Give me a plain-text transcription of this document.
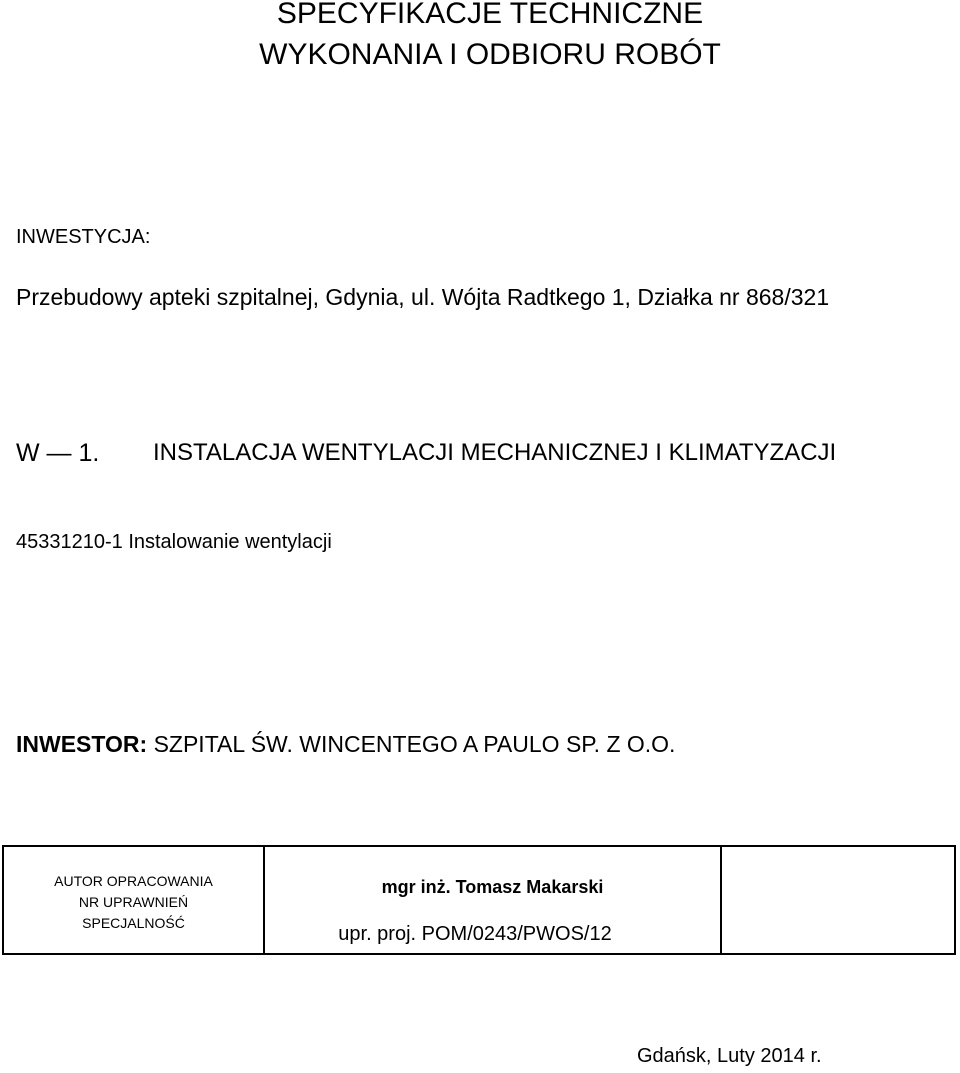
SPECYFIKACJE TECHNICZNE
WYKONANIA I ODBIORU ROBÓT
INWESTYCJA:
Przebudowy apteki szpitalnej, Gdynia, ul. Wójta Radtkego 1, Działka nr 868/321
W — 1. INSTALACJA WENTYLACJI MECHANICZNEJ I KLIMATYZACJI
45331210-1 Instalowanie wentylacji
INWESTOR: SZPITAL ŚW. WINCENTEGO A PAULO SP. Z O.O.
AUTOR OPRACOWANIA
NR UPRAWNIEŃ
SPECJALNOŚĆ
mgr inż. Tomasz Makarski
upr. proj. POM/0243/PWOS/12
Gdańsk, Luty 2014 r.
